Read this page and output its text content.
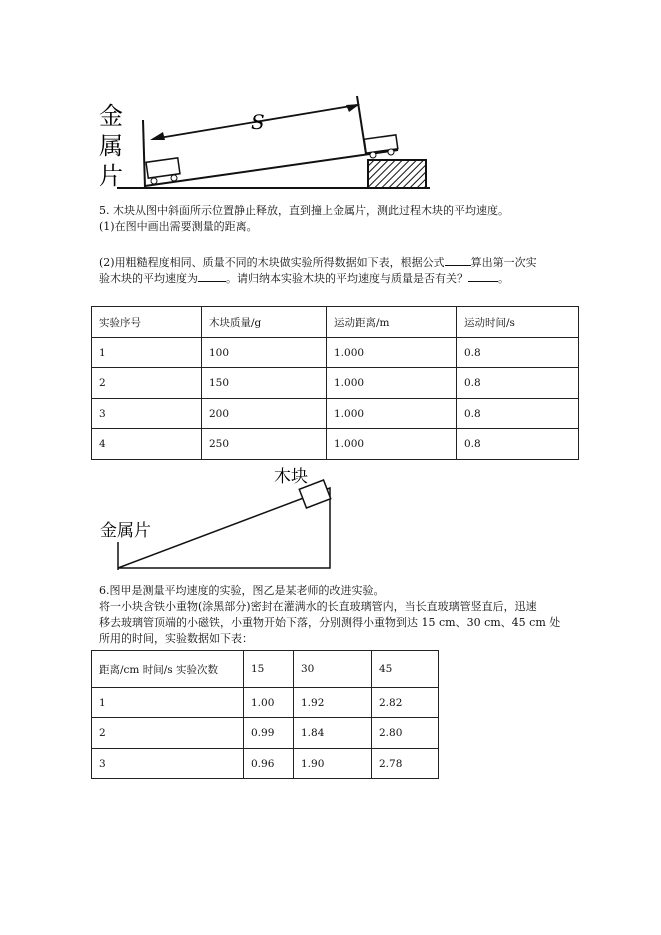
金
属
片
S
5. 木块从图中斜面所示位置静止释放，直到撞上金属片，测此过程木块的平均速度。
(1)在图中画出需要测量的距离。
(2)用粗糙程度相同、质量不同的木块做实验所得数据如下表，根据公式 算出第一次实
验木块的平均速度为	。请归纳本实验木块的平均速度与质量是否有关？	。
实验序号	木块质量/g	运动距离/m	运动时间/s
1	100	1.000	0.8
2	150	1.000	0.8
3	200	1.000	0.8
4	250	1.000	0.8
木块
金属片
6.图甲是测量平均速度的实验，图乙是某老师的改进实验。
将一小块含铁小重物(涂黑部分)密封在灌满水的长直玻璃管内，当长直玻璃管竖直后，迅速
移去玻璃管顶端的小磁铁，小重物开始下落，分别测得小重物到达 15 cm、30 cm、45 cm 处
所用的时间，实验数据如下表：
距离/cm 时间/s 实验次数	15	30	45
1	1.00	1.92	2.82
2	0.99	1.84	2.80
3	0.96	1.90	2.78
